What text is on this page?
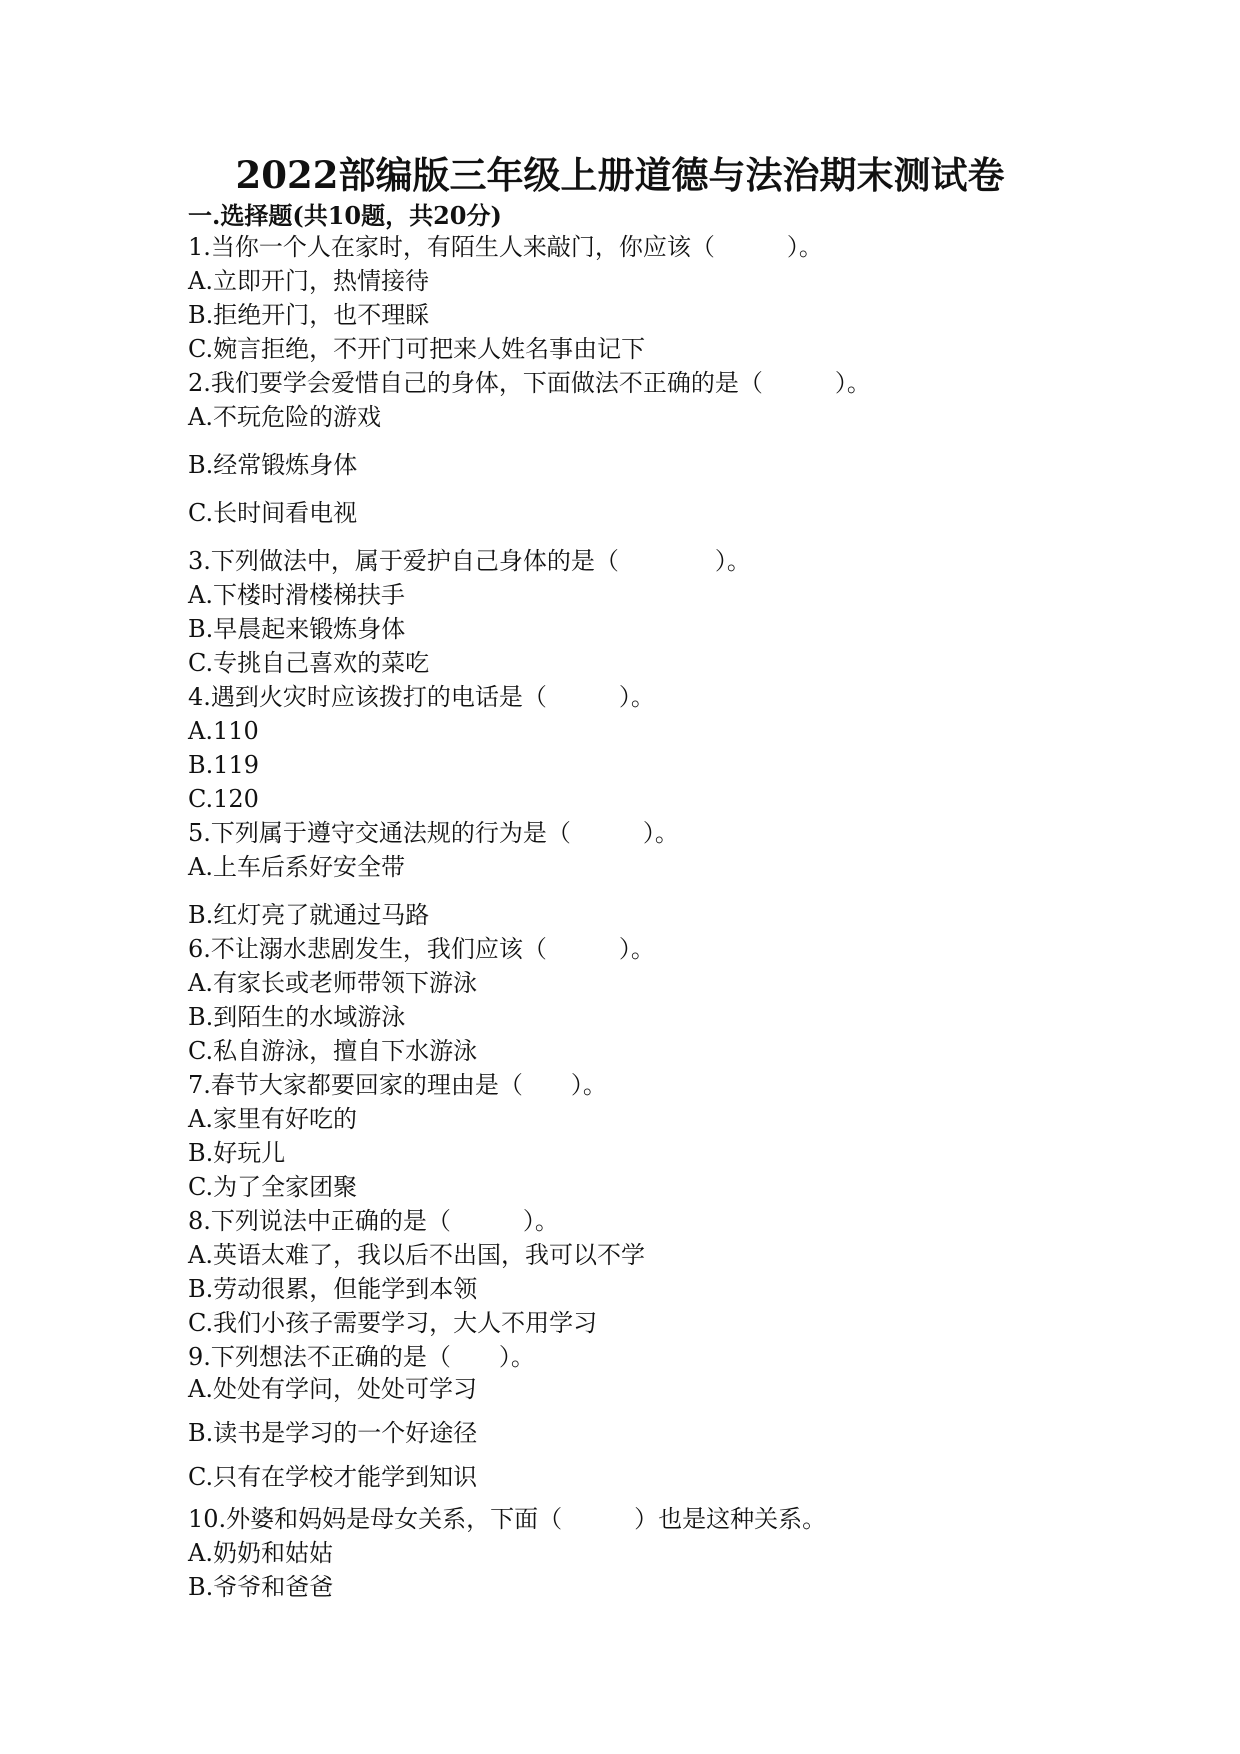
2022部编版三年级上册道德与法治期末测试卷
一.选择题(共10题，共20分)
1.当你一个人在家时，有陌生人来敲门，你应该（　　　）。
A.立即开门，热情接待
B.拒绝开门，也不理睬
C.婉言拒绝，不开门可把来人姓名事由记下
2.我们要学会爱惜自己的身体，下面做法不正确的是（　　　）。
A.不玩危险的游戏
B.经常锻炼身体
C.长时间看电视
3.下列做法中，属于爱护自己身体的是（　　　　）。
A.下楼时滑楼梯扶手
B.早晨起来锻炼身体
C.专挑自己喜欢的菜吃
4.遇到火灾时应该拨打的电话是（　　　）。
A.110
B.119
C.120
5.下列属于遵守交通法规的行为是（　　　）。
A.上车后系好安全带
B.红灯亮了就通过马路
6.不让溺水悲剧发生，我们应该（　　　）。
A.有家长或老师带领下游泳
B.到陌生的水域游泳
C.私自游泳，擅自下水游泳
7.春节大家都要回家的理由是（　　）。
A.家里有好吃的
B.好玩儿
C.为了全家团聚
8.下列说法中正确的是（　　　）。
A.英语太难了，我以后不出国，我可以不学
B.劳动很累，但能学到本领
C.我们小孩子需要学习，大人不用学习
9.下列想法不正确的是（　　）。
A.处处有学问，处处可学习
B.读书是学习的一个好途径
C.只有在学校才能学到知识
10.外婆和妈妈是母女关系，下面（　　　）也是这种关系。
A.奶奶和姑姑
B.爷爷和爸爸
